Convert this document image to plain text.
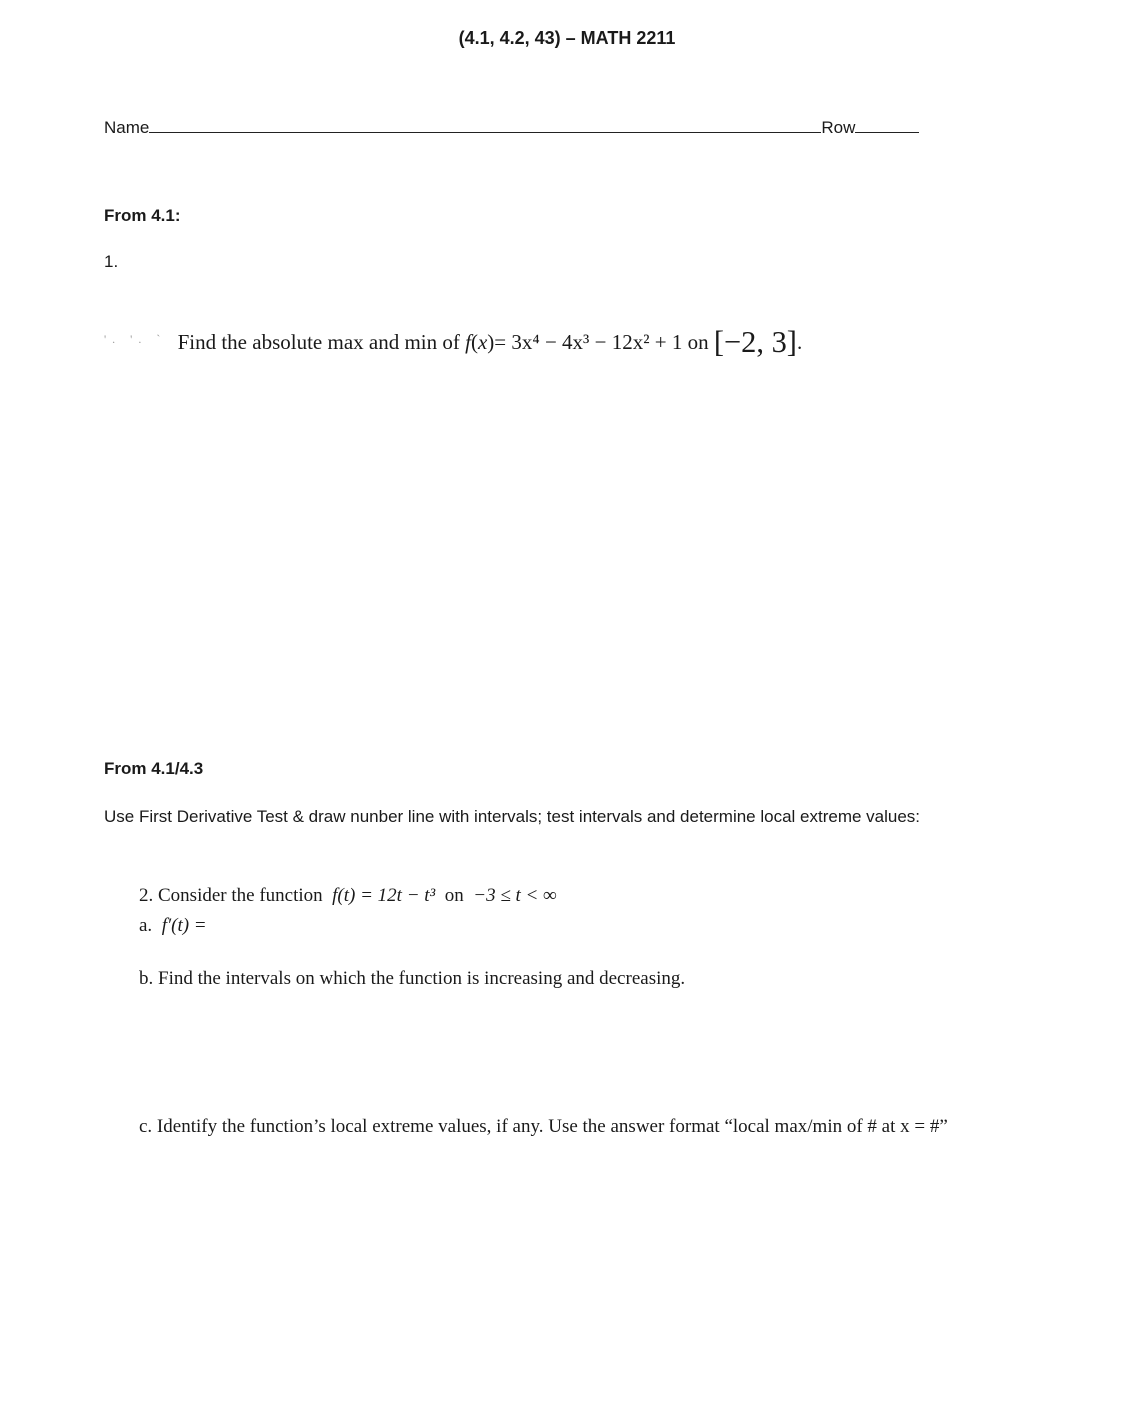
(4.1, 4.2, 43) – MATH 2211
Name	Row
From 4.1:
1.
'. '. ` Find the absolute max and min of f(x)= 3x⁴ − 4x³ − 12x² + 1 on [−2, 3].
From 4.1/4.3
Use First Derivative Test & draw nunber line with intervals; test intervals and determine local extreme values:
2. Consider the function f(t) = 12t − t³ on −3 ≤ t < ∞
a. f′(t) =
b. Find the intervals on which the function is increasing and decreasing.
c. Identify the function’s local extreme values, if any. Use the answer format “local max/min of # at x = #”
